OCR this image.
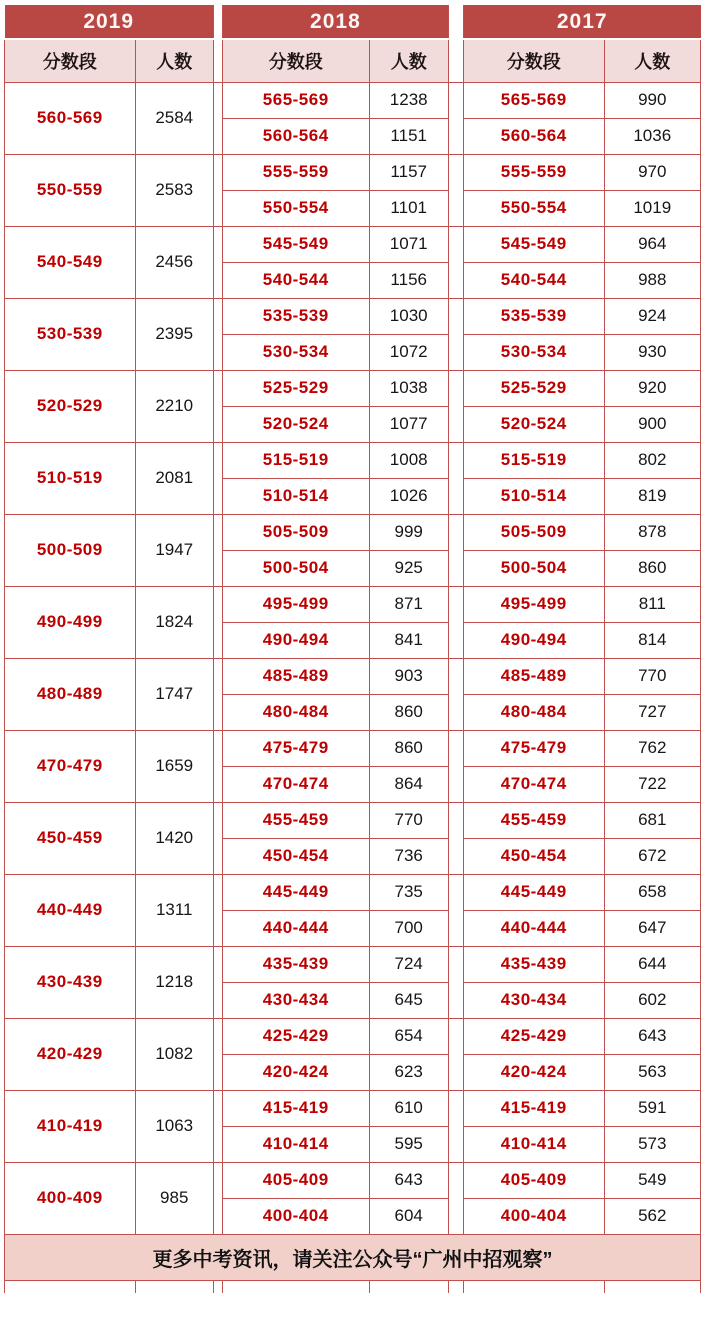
2019			2018			2017	
分数段	人数		分数段	人数		分数段	人数
560-569	2584		565-569	1238		565-569	990
			560-564	1151		560-564	1036
550-559	2583		555-559	1157		555-559	970
			550-554	1101		550-554	1019
540-549	2456		545-549	1071		545-549	964
			540-544	1156		540-544	988
530-539	2395		535-539	1030		535-539	924
			530-534	1072		530-534	930
520-529	2210		525-529	1038		525-529	920
			520-524	1077		520-524	900
510-519	2081		515-519	1008		515-519	802
			510-514	1026		510-514	819
500-509	1947		505-509	999		505-509	878
			500-504	925		500-504	860
490-499	1824		495-499	871		495-499	811
			490-494	841		490-494	814
480-489	1747		485-489	903		485-489	770
			480-484	860		480-484	727
470-479	1659		475-479	860		475-479	762
			470-474	864		470-474	722
450-459	1420		455-459	770		455-459	681
			450-454	736		450-454	672
440-449	1311		445-449	735		445-449	658
			440-444	700		440-444	647
430-439	1218		435-439	724		435-439	644
			430-434	645		430-434	602
420-429	1082		425-429	654		425-429	643
			420-424	623		420-424	563
410-419	1063		415-419	610		415-419	591
			410-414	595		410-414	573
400-409	985		405-409	643		405-409	549
			400-404	604		400-404	562
更多中考资讯，请关注公众号“广州中招观察”							
